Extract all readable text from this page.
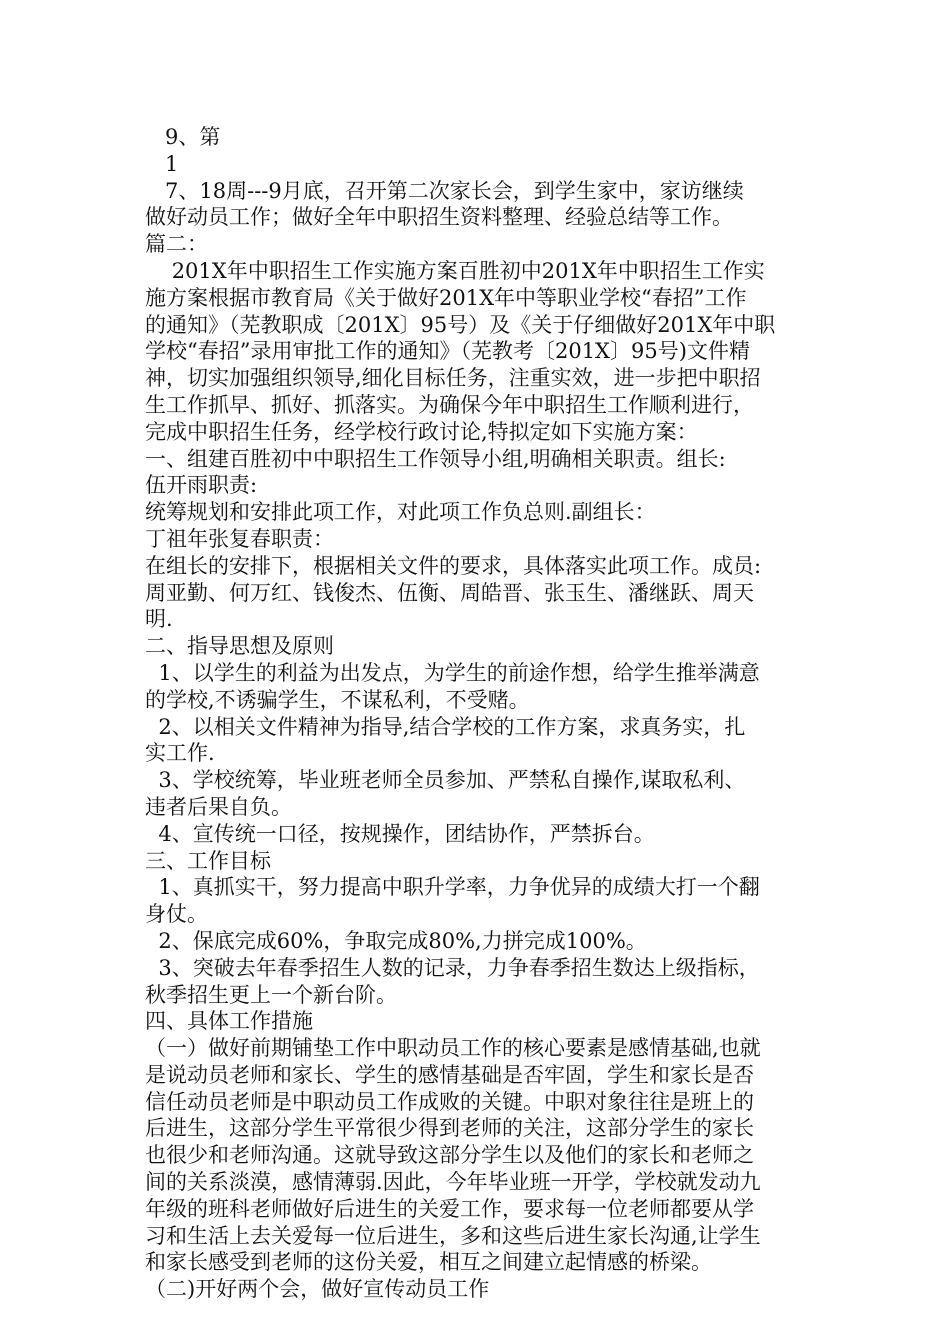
9、第
1
7、18周---9月底，召开第二次家长会，到学生家中，家访继续
做好动员工作；做好全年中职招生资料整理、经验总结等工作。
篇二：
201X年中职招生工作实施方案百胜初中201X年中职招生工作实
施方案根据市教育局《关于做好201X年中等职业学校“春招”工作
的通知》（芜教职成〔201X〕95号）及《关于仔细做好201X年中职
学校“春招”录用审批工作的通知》（芜教考〔201X〕95号)文件精
神，切实加强组织领导,细化目标任务，注重实效，进一步把中职招
生工作抓早、抓好、抓落实。为确保今年中职招生工作顺利进行，
完成中职招生任务，经学校行政讨论,特拟定如下实施方案：
一、组建百胜初中中职招生工作领导小组,明确相关职责。组长:
伍开雨职责:
统筹规划和安排此项工作，对此项工作负总则.副组长：
丁祖年张复春职责：
在组长的安排下，根据相关文件的要求，具体落实此项工作。成员:
周亚勤、何万红、钱俊杰、伍衡、周皓晋、张玉生、潘继跃、周天
明.
二、指导思想及原则
1、以学生的利益为出发点，为学生的前途作想，给学生推举满意
的学校,不诱骗学生，不谋私利，不受赌。
2、以相关文件精神为指导,结合学校的工作方案，求真务实，扎
实工作.
3、学校统筹，毕业班老师全员参加、严禁私自操作,谋取私利、
违者后果自负。
4、宣传统一口径，按规操作，团结协作，严禁拆台。
三、工作目标
1、真抓实干，努力提高中职升学率，力争优异的成绩大打一个翻
身仗。
2、保底完成60%，争取完成80%,力拼完成100%。
3、突破去年春季招生人数的记录，力争春季招生数达上级指标，
秋季招生更上一个新台阶。
四、具体工作措施
（一）做好前期铺垫工作中职动员工作的核心要素是感情基础,也就
是说动员老师和家长、学生的感情基础是否牢固，学生和家长是否
信任动员老师是中职动员工作成败的关键。中职对象往往是班上的
后进生，这部分学生平常很少得到老师的关注，这部分学生的家长
也很少和老师沟通。这就导致这部分学生以及他们的家长和老师之
间的关系淡漠，感情薄弱.因此，今年毕业班一开学，学校就发动九
年级的班科老师做好后进生的关爱工作，要求每一位老师都要从学
习和生活上去关爱每一位后进生，多和这些后进生家长沟通,让学生
和家长感受到老师的这份关爱，相互之间建立起情感的桥梁。
（二)开好两个会，做好宣传动员工作
